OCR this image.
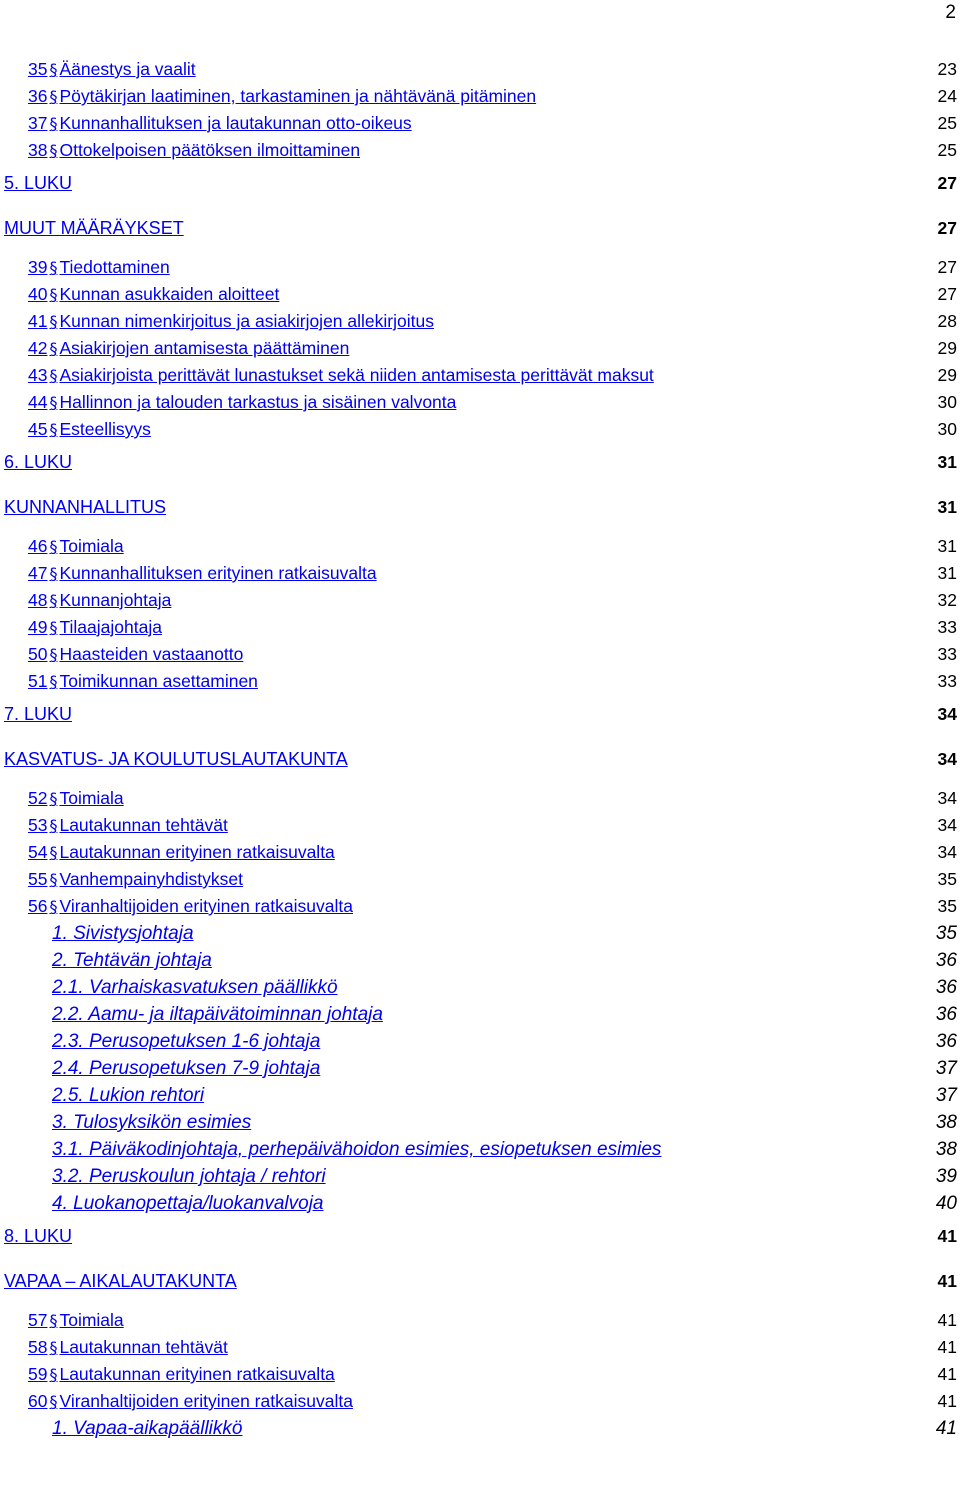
2
35 § Äänestys ja vaalit	23
36 § Pöytäkirjan laatiminen, tarkastaminen ja nähtävänä pitäminen	24
37 § Kunnanhallituksen ja lautakunnan otto-oikeus	25
38 § Ottokelpoisen päätöksen ilmoittaminen	25
5. LUKU	27
MUUT MÄÄRÄYKSET	27
39 § Tiedottaminen	27
40 § Kunnan asukkaiden aloitteet	27
41 § Kunnan nimenkirjoitus ja asiakirjojen allekirjoitus	28
42 § Asiakirjojen antamisesta päättäminen	29
43 § Asiakirjoista perittävät lunastukset sekä niiden antamisesta perittävät maksut	29
44 § Hallinnon ja talouden tarkastus ja sisäinen valvonta	30
45 § Esteellisyys	30
6. LUKU	31
KUNNANHALLITUS	31
46 § Toimiala	31
47 § Kunnanhallituksen erityinen ratkaisuvalta	31
48 § Kunnanjohtaja	32
49 § Tilaajajohtaja	33
50 § Haasteiden vastaanotto	33
51 § Toimikunnan asettaminen	33
7. LUKU	34
KASVATUS- JA KOULUTUSLAUTAKUNTA	34
52 § Toimiala	34
53 § Lautakunnan tehtävät	34
54 § Lautakunnan erityinen ratkaisuvalta	34
55 § Vanhempainyhdistykset	35
56 § Viranhaltijoiden erityinen ratkaisuvalta	35
1. Sivistysjohtaja	35
2. Tehtävän johtaja	36
2.1. Varhaiskasvatuksen päällikkö	36
2.2. Aamu- ja iltapäivätoiminnan johtaja	36
2.3. Perusopetuksen 1-6 johtaja	36
2.4. Perusopetuksen 7-9 johtaja	37
2.5. Lukion rehtori	37
3. Tulosyksikön esimies	38
3.1. Päiväkodinjohtaja, perhepäivähoidon esimies, esiopetuksen esimies	38
3.2. Peruskoulun johtaja / rehtori	39
4. Luokanopettaja/luokanvalvoja	40
8. LUKU	41
VAPAA – AIKALAUTAKUNTA	41
57 § Toimiala	41
58 § Lautakunnan tehtävät	41
59 § Lautakunnan erityinen ratkaisuvalta	41
60 § Viranhaltijoiden erityinen ratkaisuvalta	41
1. Vapaa-aikapäällikkö	41
